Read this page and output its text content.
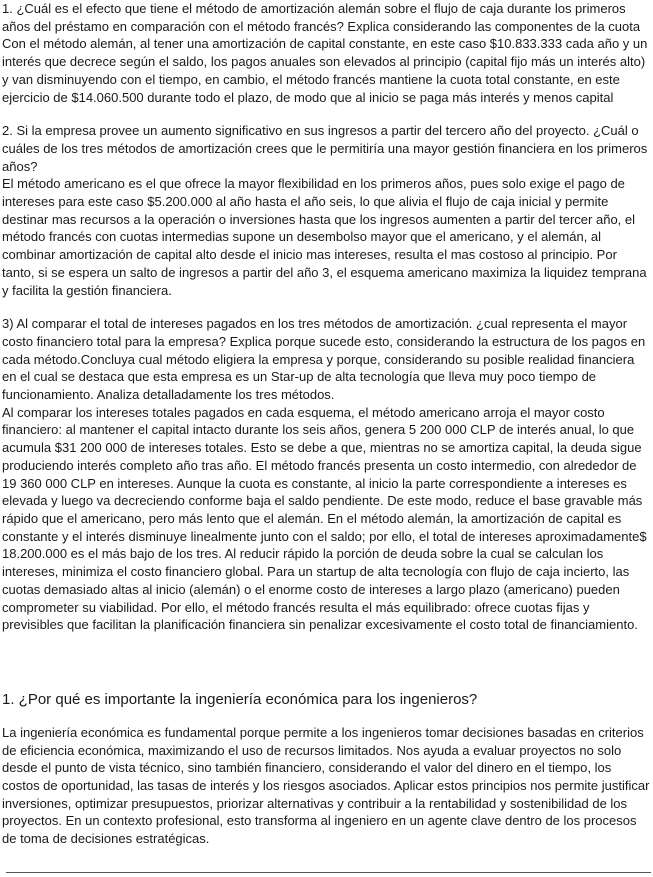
1. ¿Cuál es el efecto que tiene el método de amortización alemán sobre el flujo de caja durante los primeros años del préstamo en comparación con el método francés? Explica considerando las componentes de la cuota Con el método alemán, al tener una amortización de capital constante, en este caso $10.833.333 cada año y un interés que decrece según el saldo, los pagos anuales son elevados al principio (capital fijo más un interés alto) y van disminuyendo con el tiempo, en cambio, el método francés mantiene la cuota total constante, en este ejercicio de $14.060.500 durante todo el plazo, de modo que al inicio se paga más interés y menos capital

2. Si la empresa provee un aumento significativo en sus ingresos a partir del tercero año del proyecto. ¿Cuál o cuáles de los tres métodos de amortización crees que le permitiría una mayor gestión financiera en los primeros años?

El método americano es el que ofrece la mayor flexibilidad en los primeros años, pues solo exige el pago de intereses para este caso $5.200.000 al año hasta el año seis, lo que alivia el flujo de caja inicial y permite destinar mas recursos a la operación o inversiones hasta que los ingresos aumenten a partir del tercer año, el método francés con cuotas intermedias supone un desembolso mayor que el americano, y el alemán, al combinar amortización de capital alto desde el inicio mas intereses, resulta el mas costoso al principio. Por tanto, si se espera un salto de ingresos a partir del año 3, el esquema americano maximiza la liquidez temprana y facilita la gestión financiera.

3) Al comparar el total de intereses pagados en los tres métodos de amortización. ¿cual representa el mayor costo financiero total para la empresa? Explica porque sucede esto, considerando la estructura de los pagos en cada método.Concluya cual método eligiera la empresa y porque, considerando su posible realidad financiera en el cual se destaca que esta empresa es un Star-up de alta tecnología que lleva muy poco tiempo de funcionamiento. Analiza detalladamente los tres métodos.

Al comparar los intereses totales pagados en cada esquema, el método americano arroja el mayor costo financiero: al mantener el capital intacto durante los seis años, genera 5 200 000 CLP de interés anual, lo que acumula $31 200 000 de intereses totales. Esto se debe a que, mientras no se amortiza capital, la deuda sigue produciendo interés completo año tras año. El método francés presenta un costo intermedio, con alrededor de 19 360 000 CLP en intereses. Aunque la cuota es constante, al inicio la parte correspondiente a intereses es elevada y luego va decreciendo conforme baja el saldo pendiente. De este modo, reduce el base gravable más rápido que el americano, pero más lento que el alemán. En el método alemán, la amortización de capital es constante y el interés disminuye linealmente junto con el saldo; por ello, el total de intereses aproximadamente$ 18.200.000 es el más bajo de los tres. Al reducir rápido la porción de deuda sobre la cual se calculan los intereses, minimiza el costo financiero global. Para un startup de alta tecnología con flujo de caja incierto, las cuotas demasiado altas al inicio (alemán) o el enorme costo de intereses a largo plazo (americano) pueden comprometer su viabilidad. Por ello, el método francés resulta el más equilibrado: ofrece cuotas fijas y previsibles que facilitan la planificación financiera sin penalizar excesivamente el costo total de financiamiento.

1. ¿Por qué es importante la ingeniería económica para los ingenieros?

La ingeniería económica es fundamental porque permite a los ingenieros tomar decisiones basadas en criterios de eficiencia económica, maximizando el uso de recursos limitados. Nos ayuda a evaluar proyectos no solo desde el punto de vista técnico, sino también financiero, considerando el valor del dinero en el tiempo, los costos de oportunidad, las tasas de interés y los riesgos asociados. Aplicar estos principios nos permite justificar inversiones, optimizar presupuestos, priorizar alternativas y contribuir a la rentabilidad y sostenibilidad de los proyectos. En un contexto profesional, esto transforma al ingeniero en un agente clave dentro de los procesos de toma de decisiones estratégicas.
